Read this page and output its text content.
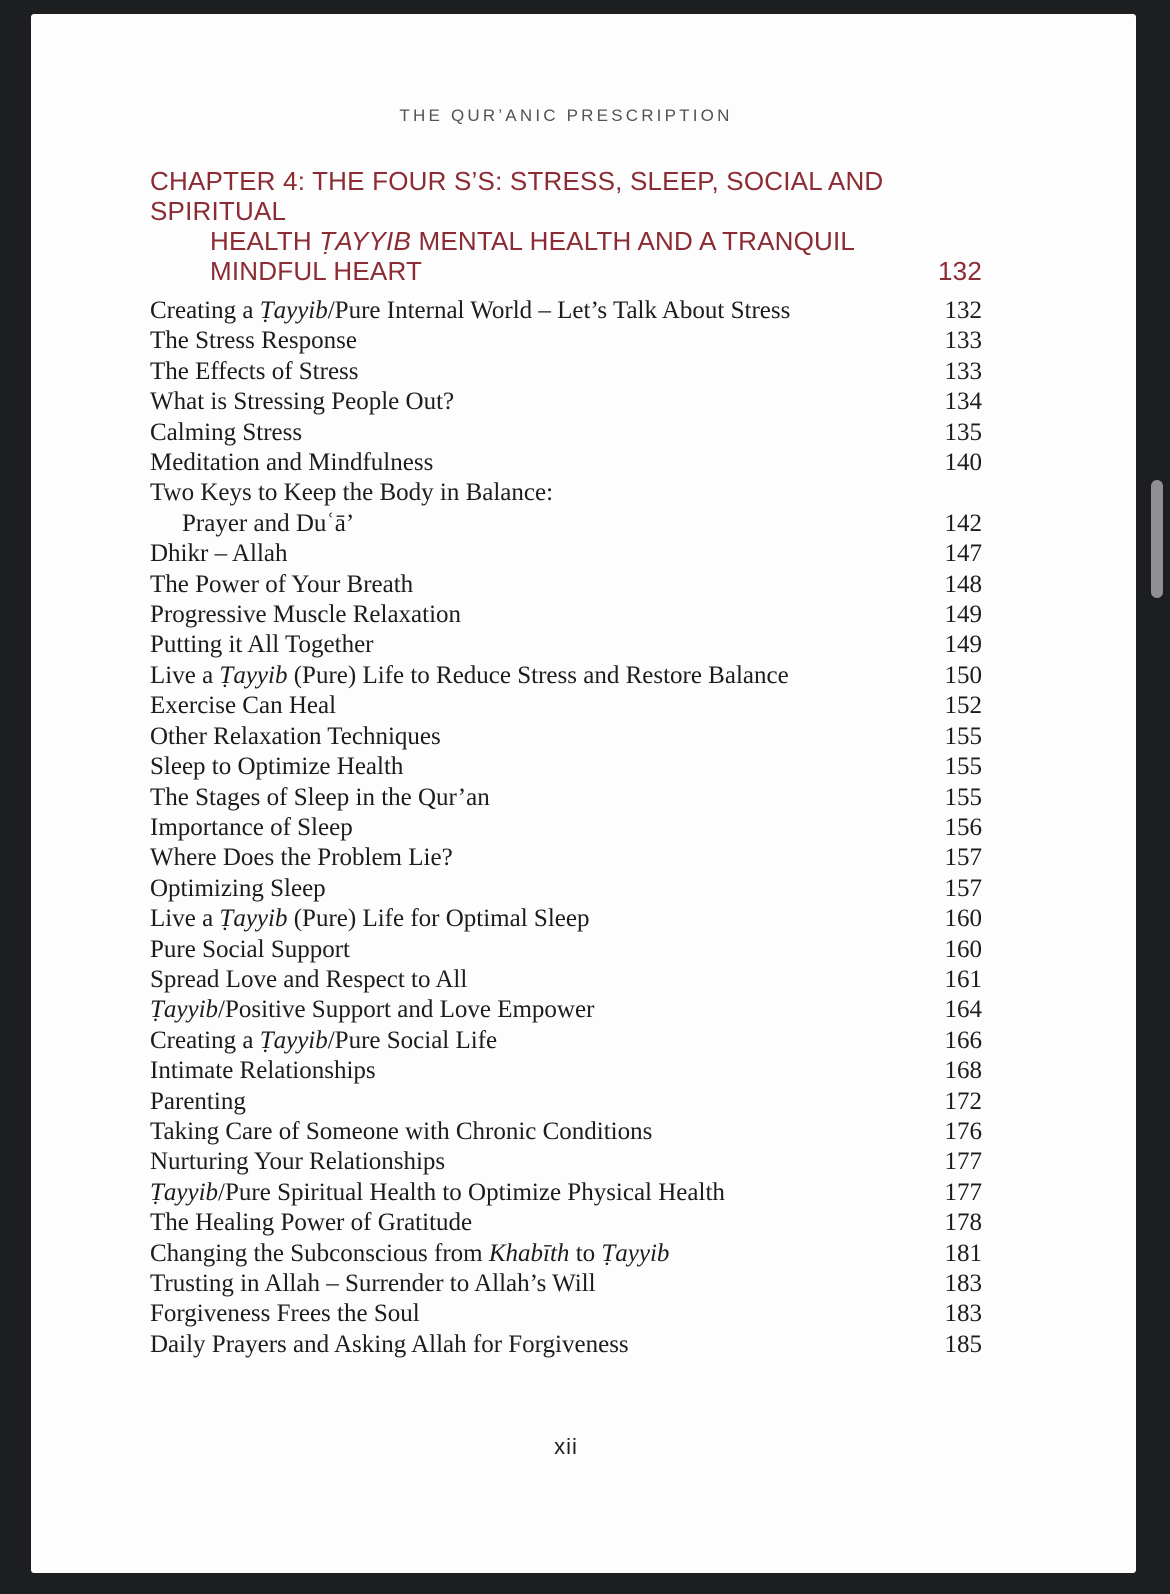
THE QUR’ANIC PRESCRIPTION
CHAPTER 4: THE FOUR S’S: STRESS, SLEEP, SOCIAL AND SPIRITUAL
HEALTH ṬAYYIB MENTAL HEALTH AND A TRANQUIL
MINDFUL HEART	132
Creating a Ṭayyib/Pure Internal World – Let’s Talk About Stress	132
The Stress Response	133
The Effects of Stress	133
What is Stressing People Out?	134
Calming Stress	135
Meditation and Mindfulness	140
Two Keys to Keep the Body in Balance:
Prayer and Duʿā’	142
Dhikr – Allah	147
The Power of Your Breath	148
Progressive Muscle Relaxation	149
Putting it All Together	149
Live a Ṭayyib (Pure) Life to Reduce Stress and Restore Balance	150
Exercise Can Heal	152
Other Relaxation Techniques	155
Sleep to Optimize Health	155
The Stages of Sleep in the Qur’an	155
Importance of Sleep	156
Where Does the Problem Lie?	157
Optimizing Sleep	157
Live a Ṭayyib (Pure) Life for Optimal Sleep	160
Pure Social Support	160
Spread Love and Respect to All	161
Ṭayyib/Positive Support and Love Empower	164
Creating a Ṭayyib/Pure Social Life	166
Intimate Relationships	168
Parenting	172
Taking Care of Someone with Chronic Conditions	176
Nurturing Your Relationships	177
Ṭayyib/Pure Spiritual Health to Optimize Physical Health	177
The Healing Power of Gratitude	178
Changing the Subconscious from Khabīth to Ṭayyib	181
Trusting in Allah – Surrender to Allah’s Will	183
Forgiveness Frees the Soul	183
Daily Prayers and Asking Allah for Forgiveness	185
xii
